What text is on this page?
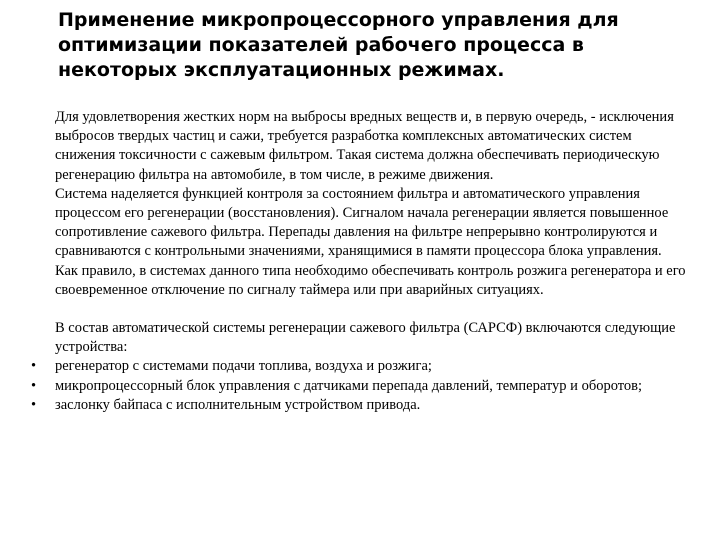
Применение микропроцессорного управления для оптимизации показателей рабочего процесса в некоторых эксплуатационных режимах.

Для удовлетворения жестких норм на выбросы вредных веществ и, в первую очередь, - исключения выбросов твердых частиц и сажи, требуется разработка комплексных автоматических систем снижения токсичности с сажевым фильтром. Такая система должна обеспечивать периодическую регенерацию фильтра на автомобиле, в том числе, в режиме движения.

Система наделяется функцией контроля за состоянием фильтра и автоматического управления процессом его регенерации (восстановления). Сигналом начала регенерации является повышенное сопротивление сажевого фильтра. Перепады давления на фильтре непрерывно контролируются и сравниваются с контрольными значениями, хранящимися в памяти процессора блока управления.

Как правило, в системах данного типа необходимо обеспечивать контроль розжига регенератора и его своевременное отключение по сигналу таймера или при аварийных ситуациях.

В состав автоматической системы регенерации сажевого фильтра (САРСФ) включаются следующие устройства:

• регенератор с системами подачи топлива, воздуха и розжига;
• микропроцессорный блок управления с датчиками перепада давлений, температур и оборотов;
• заслонку байпаса с исполнительным устройством привода.
